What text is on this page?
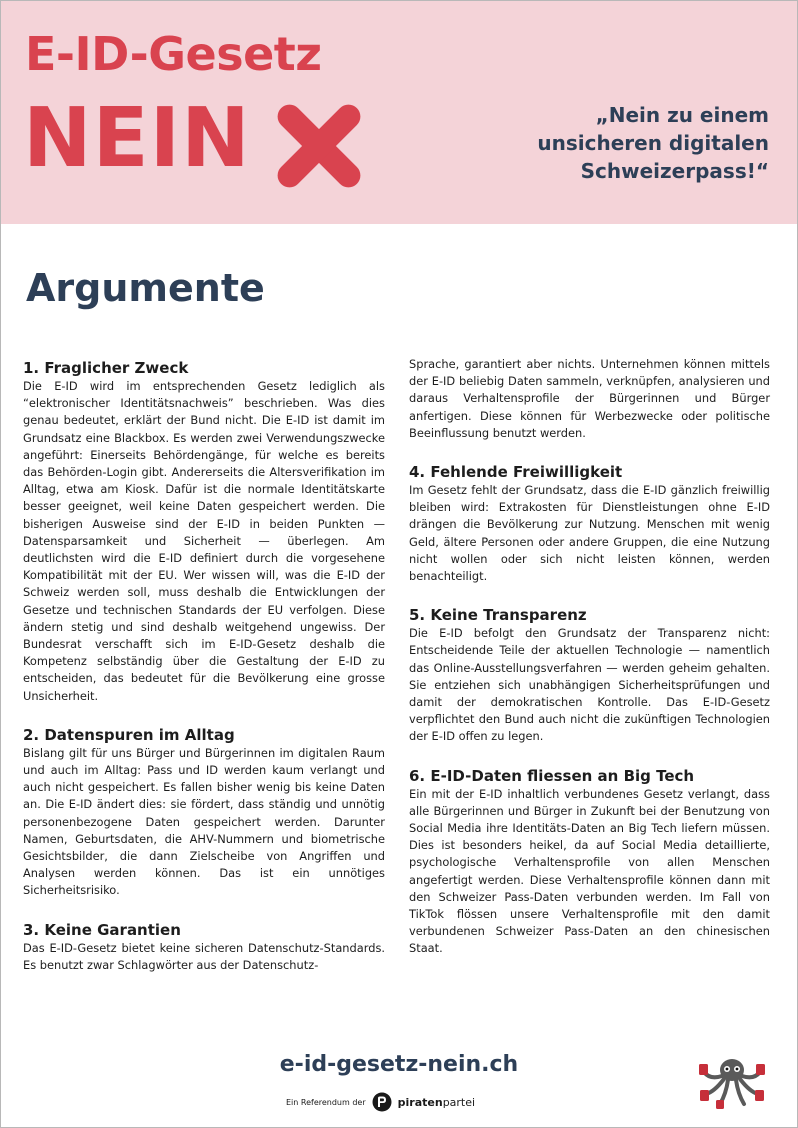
E-ID-Gesetz
NEIN	„Nein zu einem unsicheren digitalen Schweizerpass!“
Argumente

1. Fraglicher Zweck

Die E-ID wird im entsprechenden Gesetz lediglich als “elektronischer Identitätsnachweis” beschrieben. Was dies genau bedeutet, erklärt der Bund nicht. Die E-ID ist damit im Grundsatz eine Blackbox. Es werden zwei Verwendungszwecke angeführt: Einerseits Behördengänge, für welche es bereits das Behörden-Login gibt. Andererseits die Altersverifikation im Alltag, etwa am Kiosk. Dafür ist die normale Identitätskarte besser geeignet, weil keine Daten gespeichert werden. Die bisherigen Ausweise sind der E-ID in beiden Punkten — Datensparsamkeit und Sicherheit — überlegen. Am deutlichsten wird die E-ID definiert durch die vorgesehene Kompatibilität mit der EU. Wer wissen will, was die E-ID der Schweiz werden soll, muss deshalb die Entwicklungen der Gesetze und technischen Standards der EU verfolgen. Diese ändern stetig und sind deshalb weitgehend ungewiss. Der Bundesrat verschafft sich im E-ID-Gesetz deshalb die Kompetenz selbständig über die Gestaltung der E-ID zu entscheiden, das bedeutet für die Bevölkerung eine grosse Unsicherheit.

2. Datenspuren im Alltag

Bislang gilt für uns Bürger und Bürgerinnen im digitalen Raum und auch im Alltag: Pass und ID werden kaum verlangt und auch nicht gespeichert. Es fallen bisher wenig bis keine Daten an. Die E-ID ändert dies: sie fördert, dass ständig und unnötig personenbezogene Daten gespeichert werden. Darunter Namen, Geburtsdaten, die AHV-Nummern und biometrische Gesichtsbilder, die dann Zielscheibe von Angriffen und Analysen werden können. Das ist ein unnötiges Sicherheitsrisiko.

3. Keine Garantien

Das E-ID-Gesetz bietet keine sicheren Datenschutz-Standards. Es benutzt zwar Schlagwörter aus der Datenschutz-

Sprache, garantiert aber nichts. Unternehmen können mittels der E-ID beliebig Daten sammeln, verknüpfen, analysieren und daraus Verhaltensprofile der Bürgerinnen und Bürger anfertigen. Diese können für Werbezwecke oder politische Beeinflussung benutzt werden.

4. Fehlende Freiwilligkeit

Im Gesetz fehlt der Grundsatz, dass die E-ID gänzlich freiwillig bleiben wird: Extrakosten für Dienstleistungen ohne E-ID drängen die Bevölkerung zur Nutzung. Menschen mit wenig Geld, ältere Personen oder andere Gruppen, die eine Nutzung nicht wollen oder sich nicht leisten können, werden benachteiligt.

5. Keine Transparenz

Die E-ID befolgt den Grundsatz der Transparenz nicht: Entscheidende Teile der aktuellen Technologie — namentlich das Online-Ausstellungsverfahren — werden geheim gehalten. Sie entziehen sich unabhängigen Sicherheitsprüfungen und damit der demokratischen Kontrolle. Das E-ID-Gesetz verpflichtet den Bund auch nicht die zukünftigen Technologien der E-ID offen zu legen.

6. E-ID-Daten fliessen an Big Tech

Ein mit der E-ID inhaltlich verbundenes Gesetz verlangt, dass alle Bürgerinnen und Bürger in Zukunft bei der Benutzung von Social Media ihre Identitäts-Daten an Big Tech liefern müssen. Dies ist besonders heikel, da auf Social Media detaillierte, psychologische Verhaltensprofile von allen Menschen angefertigt werden. Diese Verhaltensprofile können dann mit den Schweizer Pass-Daten verbunden werden. Im Fall von TikTok flössen unsere Verhaltensprofile mit den damit verbundenen Schweizer Pass-Daten an den chinesischen Staat.

e-id-gesetz-nein.ch
Ein Referendum der	piratenpartei
